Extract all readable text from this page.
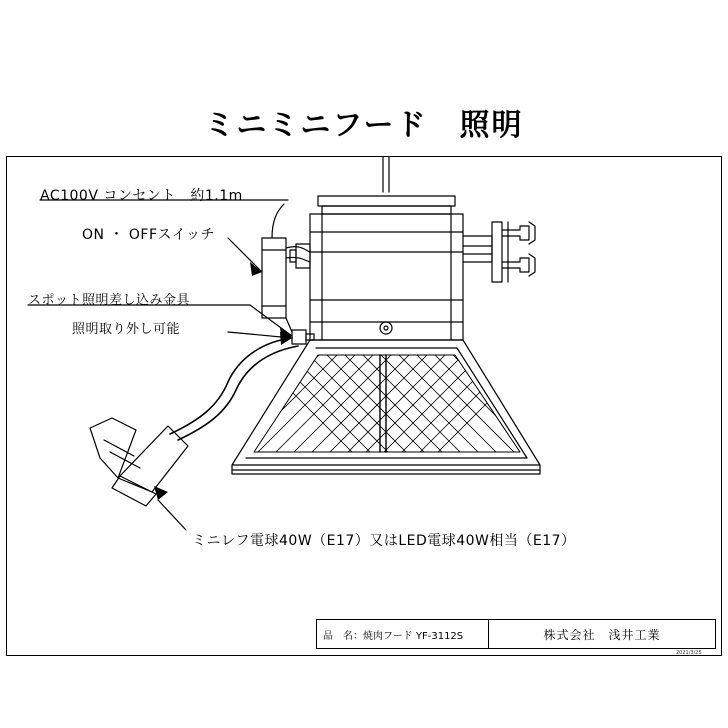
ミニミニフード　照明
AC100V コンセント　約1.1m
ON ・ OFFスイッチ
スポット照明差し込み金具
照明取り外し可能
ミニレフ電球40W（E17）又はLED電球40W相当（E17）
品　名：焼肉フード YF-3112S	株式会社　浅井工業
2021/3/25
